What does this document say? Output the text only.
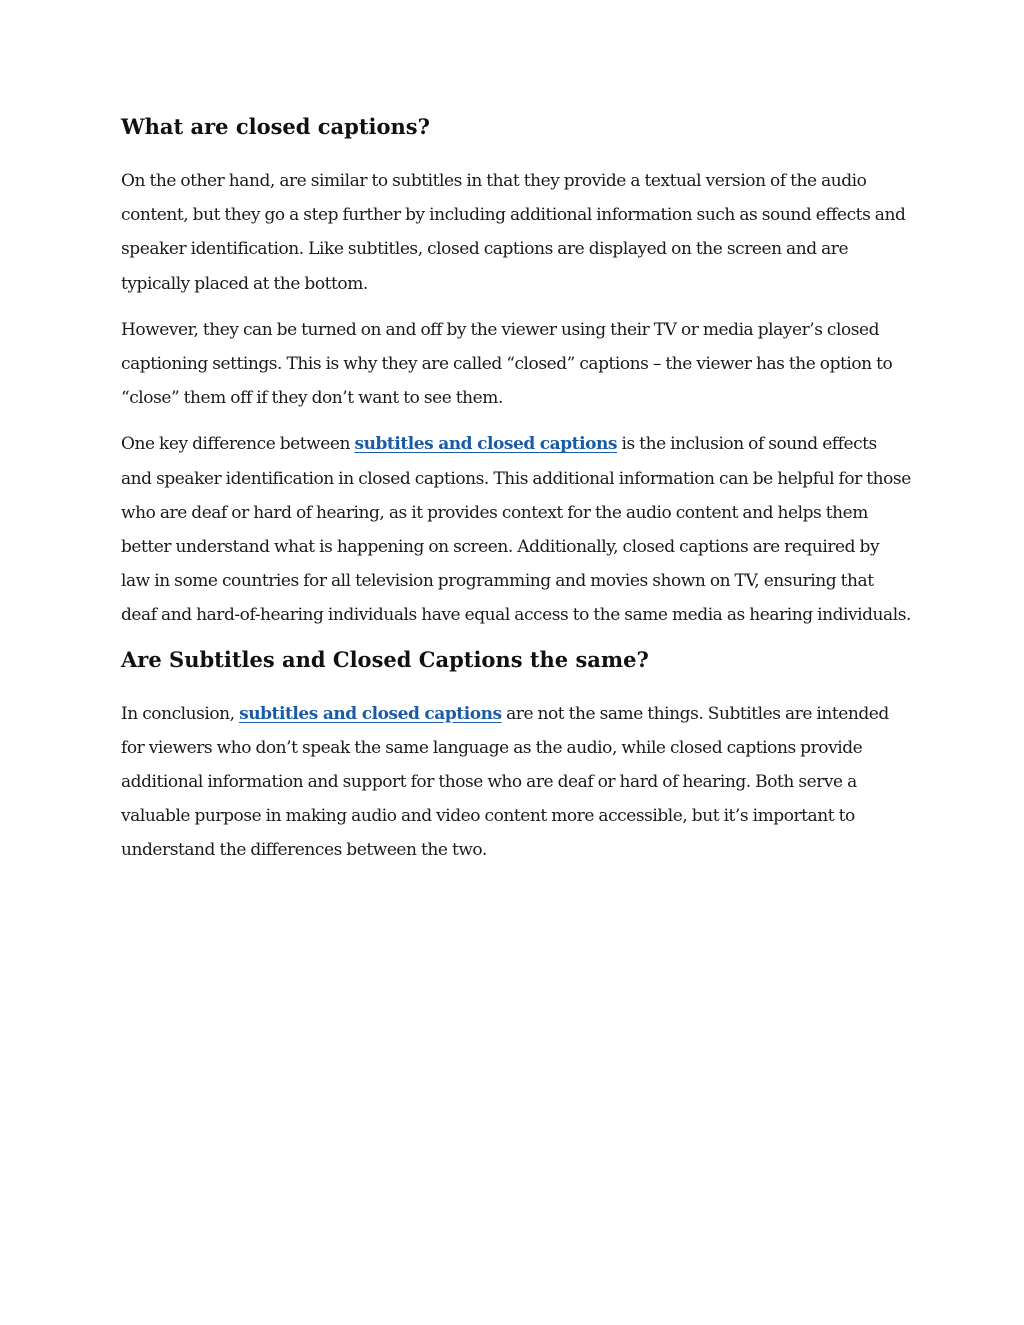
What are closed captions?

On the other hand, are similar to subtitles in that they provide a textual version of the audio content, but they go a step further by including additional information such as sound effects and speaker identification. Like subtitles, closed captions are displayed on the screen and are typically placed at the bottom.

However, they can be turned on and off by the viewer using their TV or media player’s closed captioning settings. This is why they are called “closed” captions – the viewer has the option to “close” them off if they don’t want to see them.

One key difference between subtitles and closed captions is the inclusion of sound effects and speaker identification in closed captions. This additional information can be helpful for those who are deaf or hard of hearing, as it provides context for the audio content and helps them better understand what is happening on screen. Additionally, closed captions are required by law in some countries for all television programming and movies shown on TV, ensuring that deaf and hard-of-hearing individuals have equal access to the same media as hearing individuals.

Are Subtitles and Closed Captions the same?

In conclusion, subtitles and closed captions are not the same things. Subtitles are intended for viewers who don’t speak the same language as the audio, while closed captions provide additional information and support for those who are deaf or hard of hearing. Both serve a valuable purpose in making audio and video content more accessible, but it’s important to understand the differences between the two.
